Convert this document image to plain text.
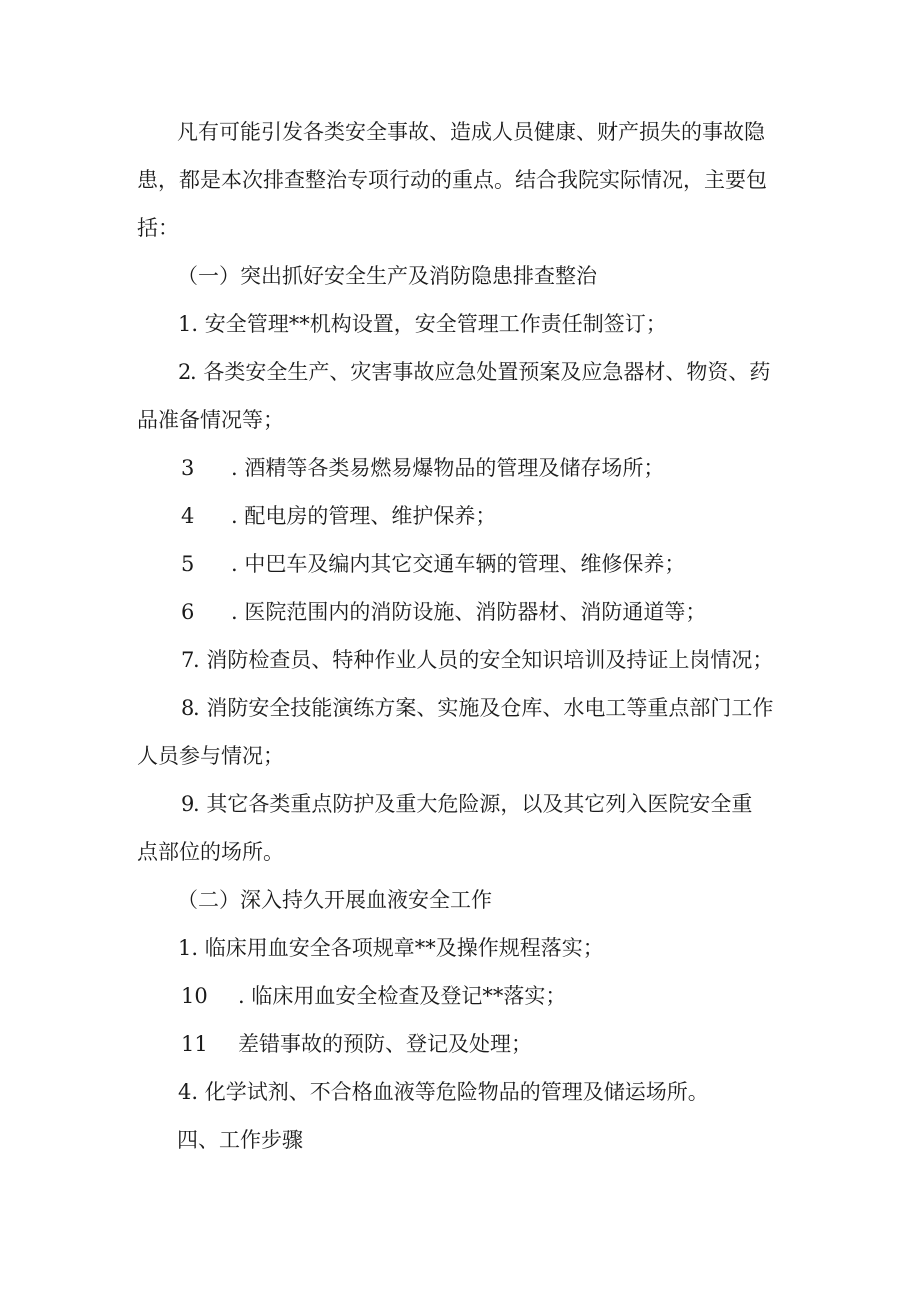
凡有可能引发各类安全事故、造成人员健康、财产损失的事故隐
患，都是本次排查整治专项行动的重点。结合我院实际情况，主要包
括：
（一）突出抓好安全生产及消防隐患排查整治
1. 安全管理**机构设置，安全管理工作责任制签订；
2. 各类安全生产、灾害事故应急处置预案及应急器材、物资、药
品准备情况等；
3 . 酒精等各类易燃易爆物品的管理及储存场所；
4 . 配电房的管理、维护保养；
5 . 中巴车及编内其它交通车辆的管理、维修保养；
6 . 医院范围内的消防设施、消防器材、消防通道等；
7. 消防检查员、特种作业人员的安全知识培训及持证上岗情况；
8. 消防安全技能演练方案、实施及仓库、水电工等重点部门工作
人员参与情况；
9. 其它各类重点防护及重大危险源，以及其它列入医院安全重
点部位的场所。
（二）深入持久开展血液安全工作
1. 临床用血安全各项规章**及操作规程落实；
10 . 临床用血安全检查及登记**落实；
11 差错事故的预防、登记及处理；
4. 化学试剂、不合格血液等危险物品的管理及储运场所。
四、工作步骤
